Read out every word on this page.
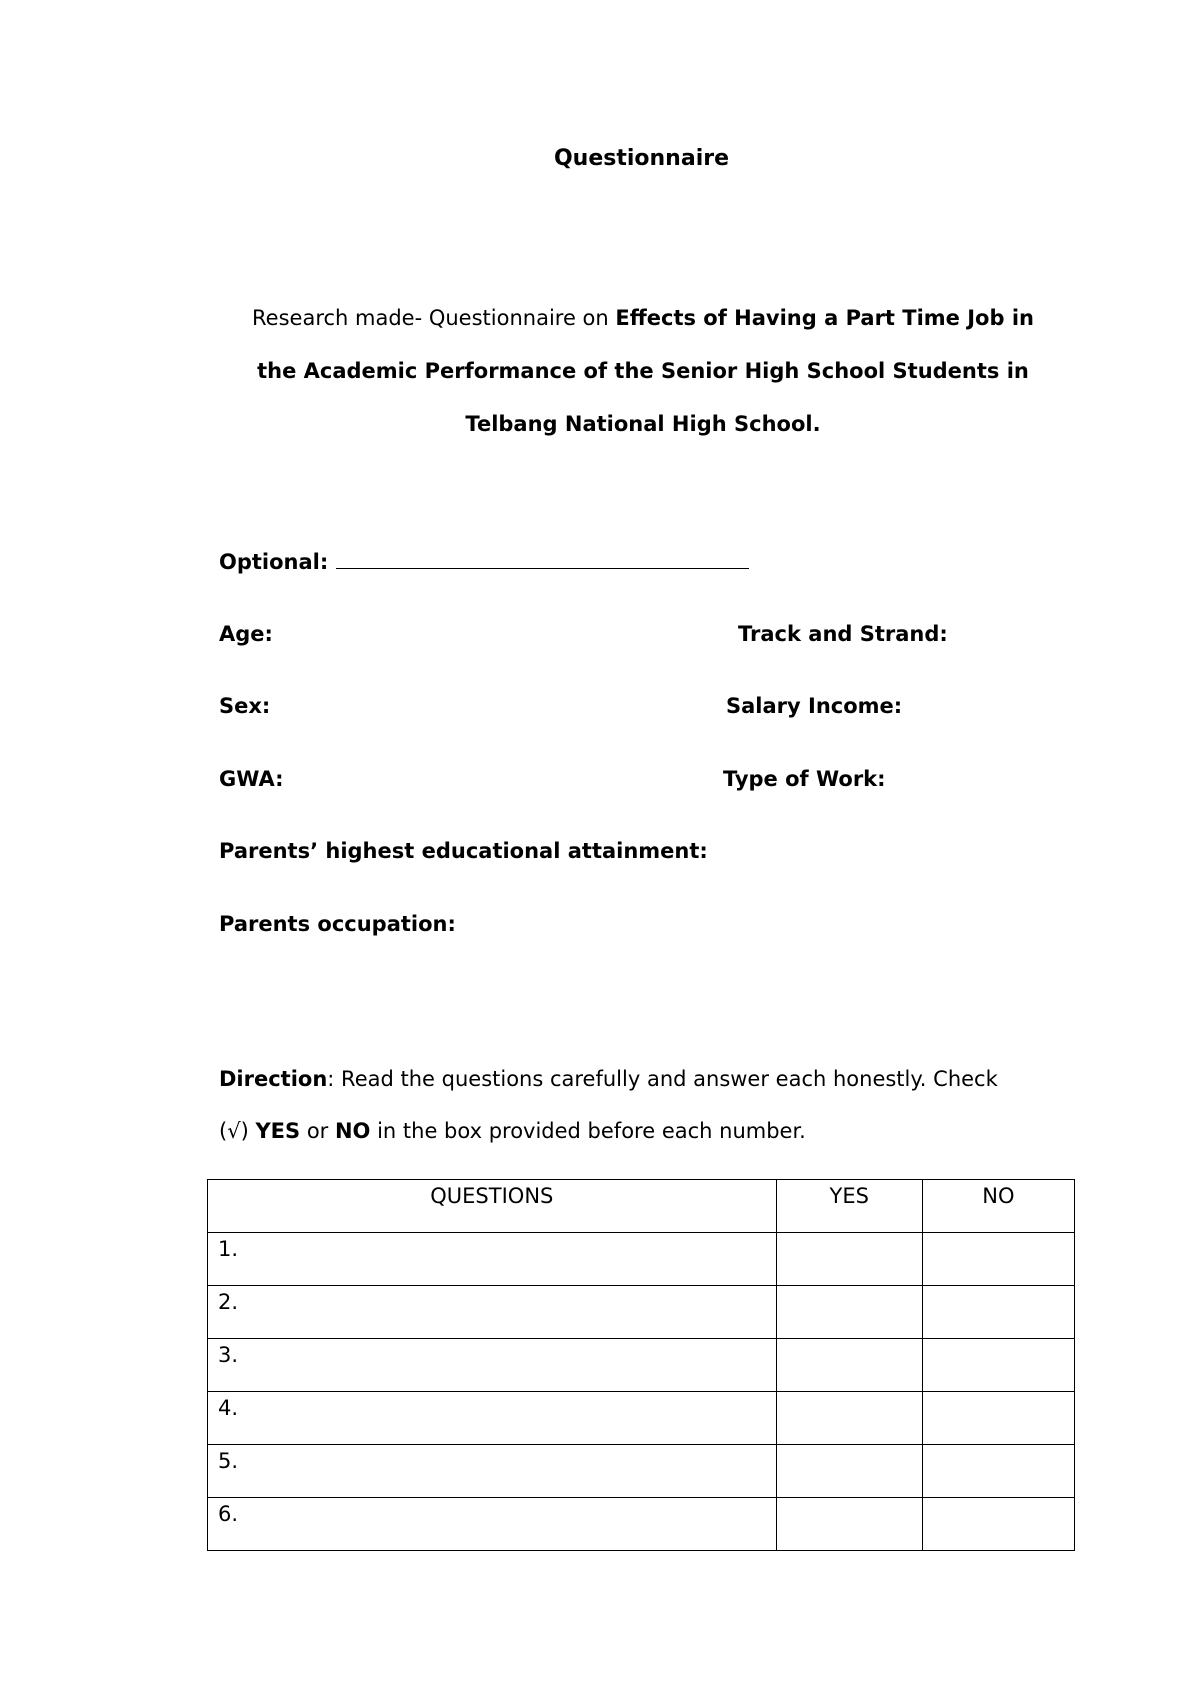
Questionnaire
Research made- Questionnaire on Effects of Having a Part Time Job in
the Academic Performance of the Senior High School Students in
Telbang National High School.
Optional:
Age:	Track and Strand:
Sex:	Salary Income:
GWA:	Type of Work:
Parents’ highest educational attainment:
Parents occupation:
Direction: Read the questions carefully and answer each honestly. Check
(√) YES or NO in the box provided before each number.
QUESTIONS	YES	NO
1.		
2.		
3.		
4.		
5.		
6.		
